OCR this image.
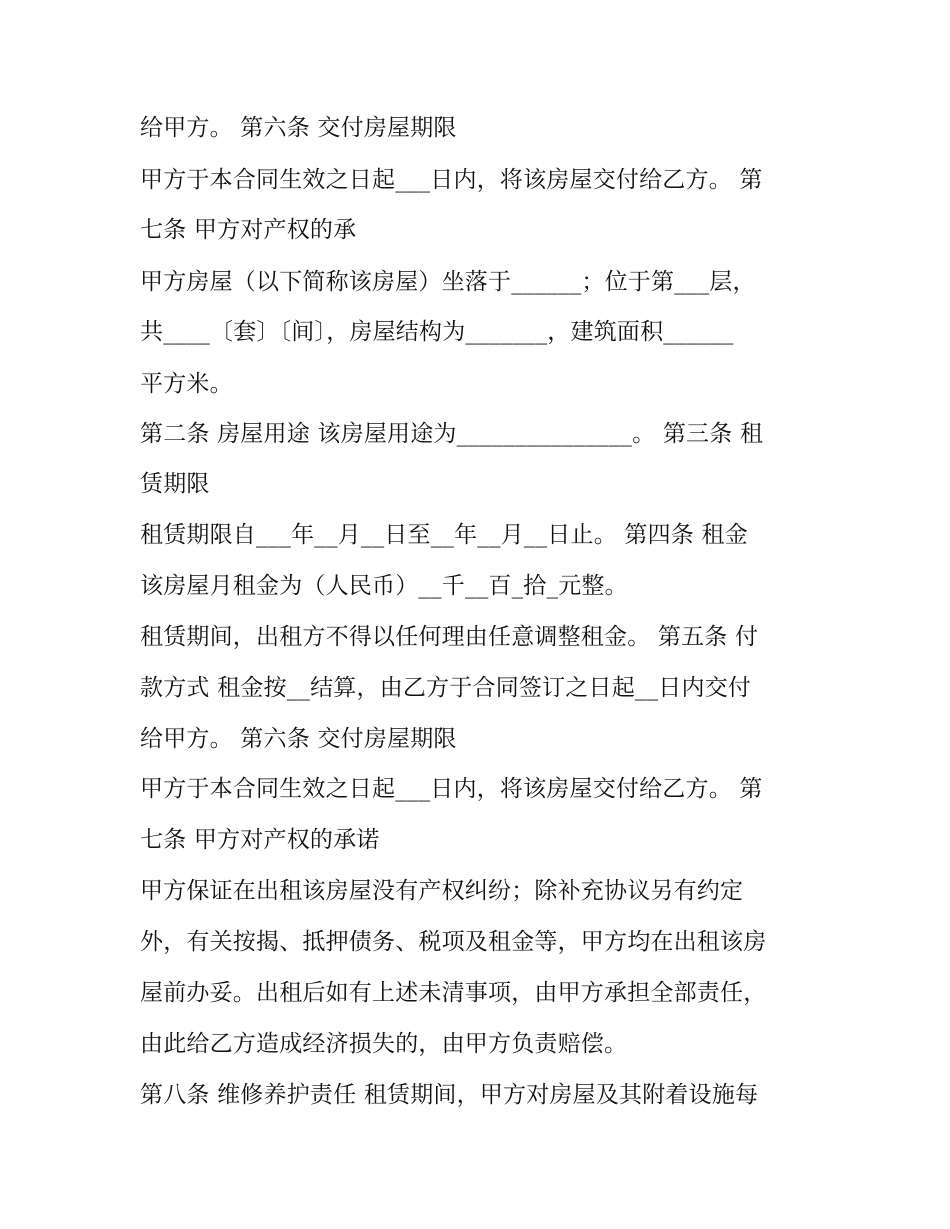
给甲方。 第六条 交付房屋期限
甲方于本合同生效之日起___日内，将该房屋交付给乙方。 第
七条 甲方对产权的承
甲方房屋（以下简称该房屋）坐落于______；位于第___层，
共____〔套〕〔间〕，房屋结构为_______，建筑面积______
平方米。
第二条 房屋用途 该房屋用途为_______________。 第三条 租
赁期限
租赁期限自___年__月__日至__年__月__日止。 第四条 租金
该房屋月租金为（人民币）__千__百_拾_元整。
租赁期间，出租方不得以任何理由任意调整租金。 第五条 付
款方式 租金按__结算，由乙方于合同签订之日起__日内交付
给甲方。 第六条 交付房屋期限
甲方于本合同生效之日起___日内，将该房屋交付给乙方。 第
七条 甲方对产权的承诺
甲方保证在出租该房屋没有产权纠纷；除补充协议另有约定
外，有关按揭、抵押债务、税项及租金等，甲方均在出租该房
屋前办妥。出租后如有上述未清事项，由甲方承担全部责任，
由此给乙方造成经济损失的，由甲方负责赔偿。
第八条 维修养护责任 租赁期间，甲方对房屋及其附着设施每
